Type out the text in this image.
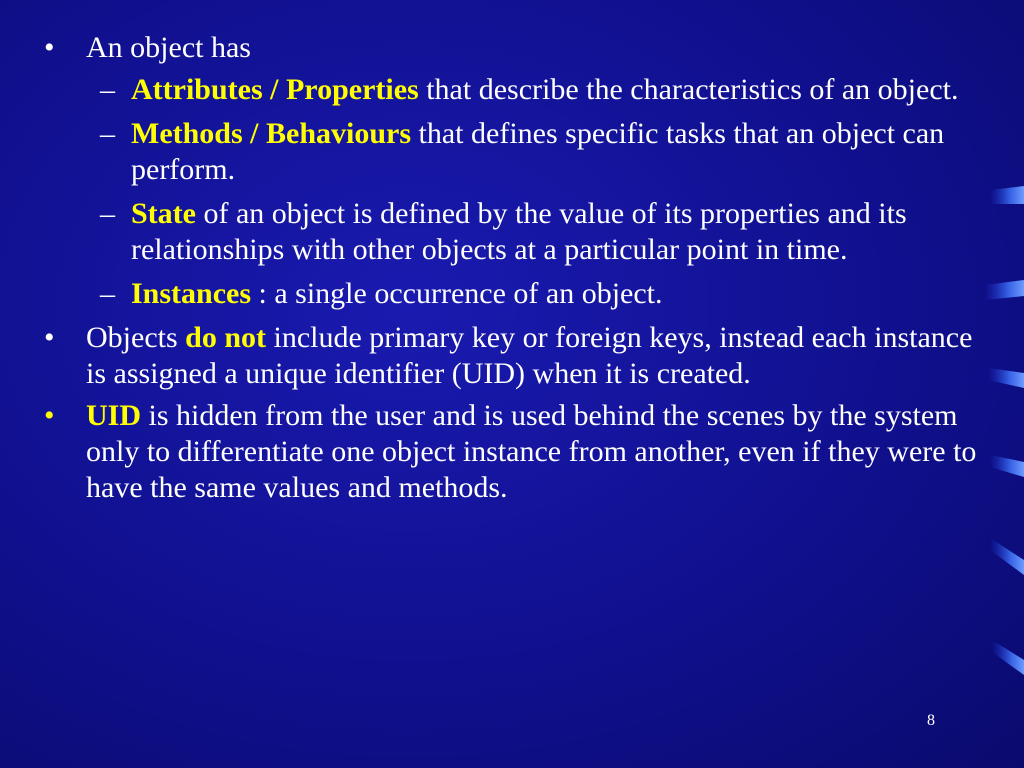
•	An object has
– Attributes / Properties that describe the characteristics of an object.
– Methods / Behaviours that defines specific tasks that an object can perform.
– State of an object is defined by the value of its properties and its relationships with other objects at a particular point in time.
– Instances : a single occurrence of an object.
•	Objects do not include primary key or foreign keys, instead each instance is assigned a unique identifier (UID) when it is created.
•	UID is hidden from the user and is used behind the scenes by the system only to differentiate one object instance from another, even if they were to have the same values and methods.
8
